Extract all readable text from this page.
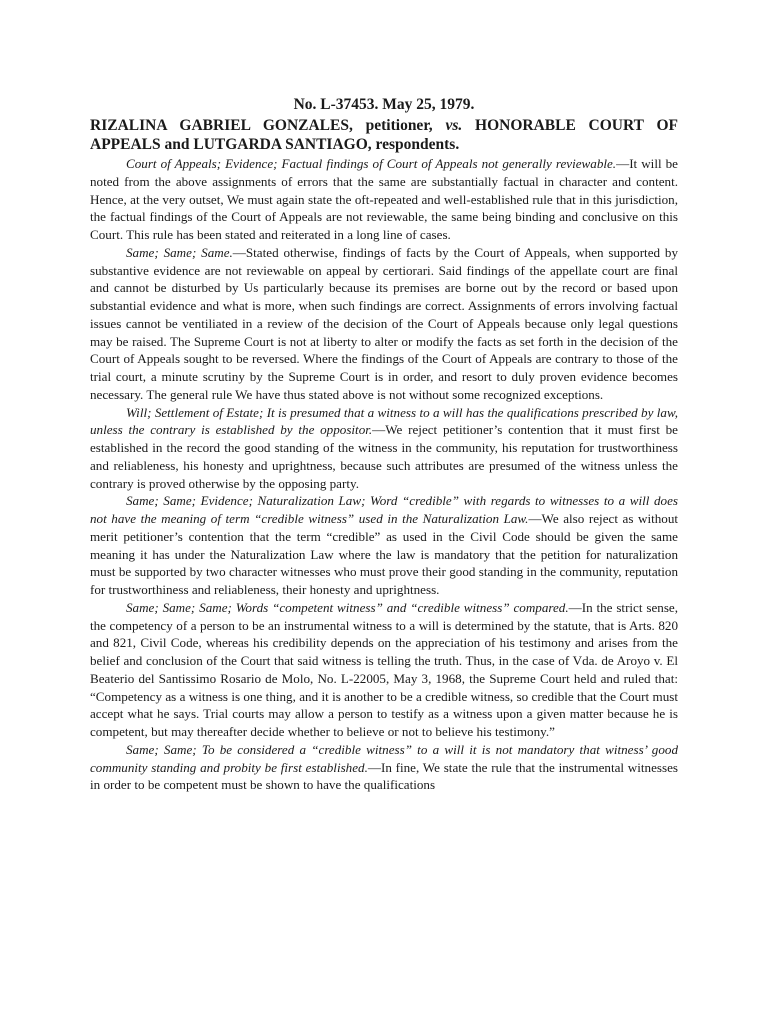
No. L-37453. May 25, 1979.

RIZALINA GABRIEL GONZALES, petitioner, vs. HONORABLE COURT OF APPEALS and LUTGARDA SANTIAGO, respondents.

Court of Appeals; Evidence; Factual findings of Court of Appeals not generally reviewable.—It will be noted from the above assignments of errors that the same are substantially factual in character and content. Hence, at the very outset, We must again state the oft-repeated and well-established rule that in this jurisdiction, the factual findings of the Court of Appeals are not reviewable, the same being binding and conclusive on this Court. This rule has been stated and reiterated in a long line of cases.

Same; Same; Same.—Stated otherwise, findings of facts by the Court of Appeals, when supported by substantive evidence are not reviewable on appeal by certiorari. Said findings of the appellate court are final and cannot be disturbed by Us particularly because its premises are borne out by the record or based upon substantial evidence and what is more, when such findings are correct. Assignments of errors involving factual issues cannot be ventiliated in a review of the decision of the Court of Appeals because only legal questions may be raised. The Supreme Court is not at liberty to alter or modify the facts as set forth in the decision of the Court of Appeals sought to be reversed. Where the findings of the Court of Appeals are contrary to those of the trial court, a minute scrutiny by the Supreme Court is in order, and resort to duly proven evidence becomes necessary. The general rule We have thus stated above is not without some recognized exceptions.

Will; Settlement of Estate; It is presumed that a witness to a will has the qualifications prescribed by law, unless the contrary is established by the oppositor.—We reject petitioner’s contention that it must first be established in the record the good standing of the witness in the community, his reputation for trustworthiness and reliableness, his honesty and uprightness, because such attributes are presumed of the witness unless the contrary is proved otherwise by the opposing party.

Same; Same; Evidence; Naturalization Law; Word “credible” with regards to witnesses to a will does not have the meaning of term “credible witness” used in the Naturalization Law.—We also reject as without merit petitioner’s contention that the term “credible” as used in the Civil Code should be given the same meaning it has under the Naturalization Law where the law is mandatory that the petition for naturalization must be supported by two character witnesses who must prove their good standing in the community, reputation for trustworthiness and reliableness, their honesty and uprightness.

Same; Same; Same; Words “competent witness” and “credible witness” compared.—In the strict sense, the competency of a person to be an instrumental witness to a will is determined by the statute, that is Arts. 820 and 821, Civil Code, whereas his credibility depends on the appreciation of his testimony and arises from the belief and conclusion of the Court that said witness is telling the truth. Thus, in the case of Vda. de Aroyo v. El Beaterio del Santissimo Rosario de Molo, No. L-22005, May 3, 1968, the Supreme Court held and ruled that: “Competency as a witness is one thing, and it is another to be a credible witness, so credible that the Court must accept what he says. Trial courts may allow a person to testify as a witness upon a given matter because he is competent, but may thereafter decide whether to believe or not to believe his testimony.”

Same; Same; To be considered a “credible witness” to a will it is not mandatory that witness’ good community standing and probity be first established.—In fine, We state the rule that the instrumental witnesses in order to be competent must be shown to have the qualifications
